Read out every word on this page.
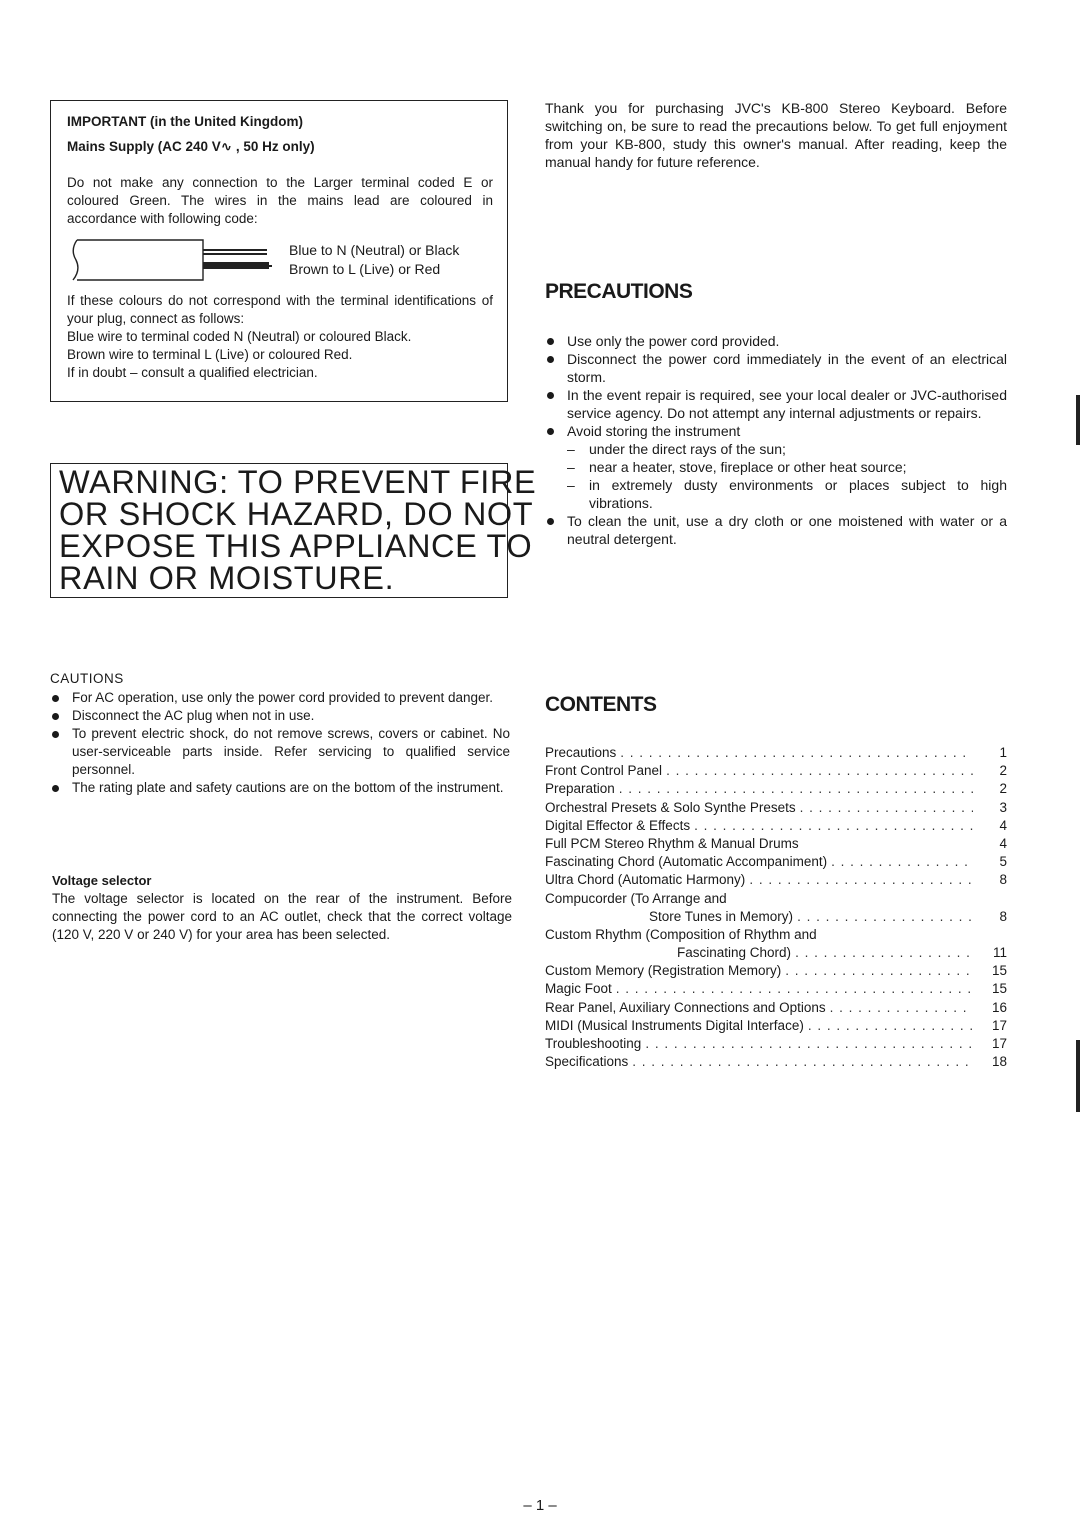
IMPORTANT (in the United Kingdom)

Mains Supply (AC 240 V∿ , 50 Hz only)

Do not make any connection to the Larger terminal coded E or coloured Green. The wires in the mains lead are coloured in accordance with following code:

Blue to N (Neutral) or Black
Brown to L (Live) or Red

If these colours do not correspond with the terminal identifications of your plug, connect as follows:

Blue wire to terminal coded N (Neutral) or coloured Black.

Brown wire to terminal L (Live) or coloured Red.

If in doubt – consult a qualified electrician.

WARNING: TO PREVENT FIRE
OR SHOCK HAZARD, DO NOT
EXPOSE THIS APPLIANCE TO
RAIN OR MOISTURE.
CAUTIONS
For AC operation, use only the power cord provided to prevent danger.
Disconnect the AC plug when not in use.
To prevent electric shock, do not remove screws, covers or cabinet. No user-serviceable parts inside. Refer servicing to qualified service personnel.
The rating plate and safety cautions are on the bottom of the instrument.
Voltage selector
The voltage selector is located on the rear of the instrument. Before connecting the power cord to an AC outlet, check that the correct voltage (120 V, 220 V or 240 V) for your area has been selected.
Thank you for purchasing JVC's KB-800 Stereo Keyboard. Before switching on, be sure to read the precautions below. To get full enjoyment from your KB-800, study this owner's manual. After reading, keep the manual handy for future reference.
PRECAUTIONS
Use only the power cord provided.
Disconnect the power cord immediately in the event of an electrical storm.
In the event repair is required, see your local dealer or JVC-authorised service agency. Do not attempt any internal adjustments or repairs.
Avoid storing the instrument
– under the direct rays of the sun;
– near a heater, stove, fireplace or other heat source;
– in extremely dusty environments or places subject to high vibrations.
To clean the unit, use a dry cloth or one moistened with water or a neutral detergent.
CONTENTS
Precautions . . .	1
Front Control Panel . . .	2
Preparation . . .	2
Orchestral Presets & Solo Synthe Presets . . .	3
Digital Effector & Effects . . .	4
Full PCM Stereo Rhythm & Manual Drums	4
Fascinating Chord (Automatic Accompaniment) . . .	5
Ultra Chord (Automatic Harmony) . . .	8
Compucorder (To Arrange and
Store Tunes in Memory) . . .	8
Custom Rhythm (Composition of Rhythm and
Fascinating Chord) . . .	11
Custom Memory (Registration Memory) . . .	15
Magic Foot . . .	15
Rear Panel, Auxiliary Connections and Options . . .	16
MIDI (Musical Instruments Digital Interface) . . .	17
Troubleshooting . . .	17
Specifications . . .	18
– 1 –
